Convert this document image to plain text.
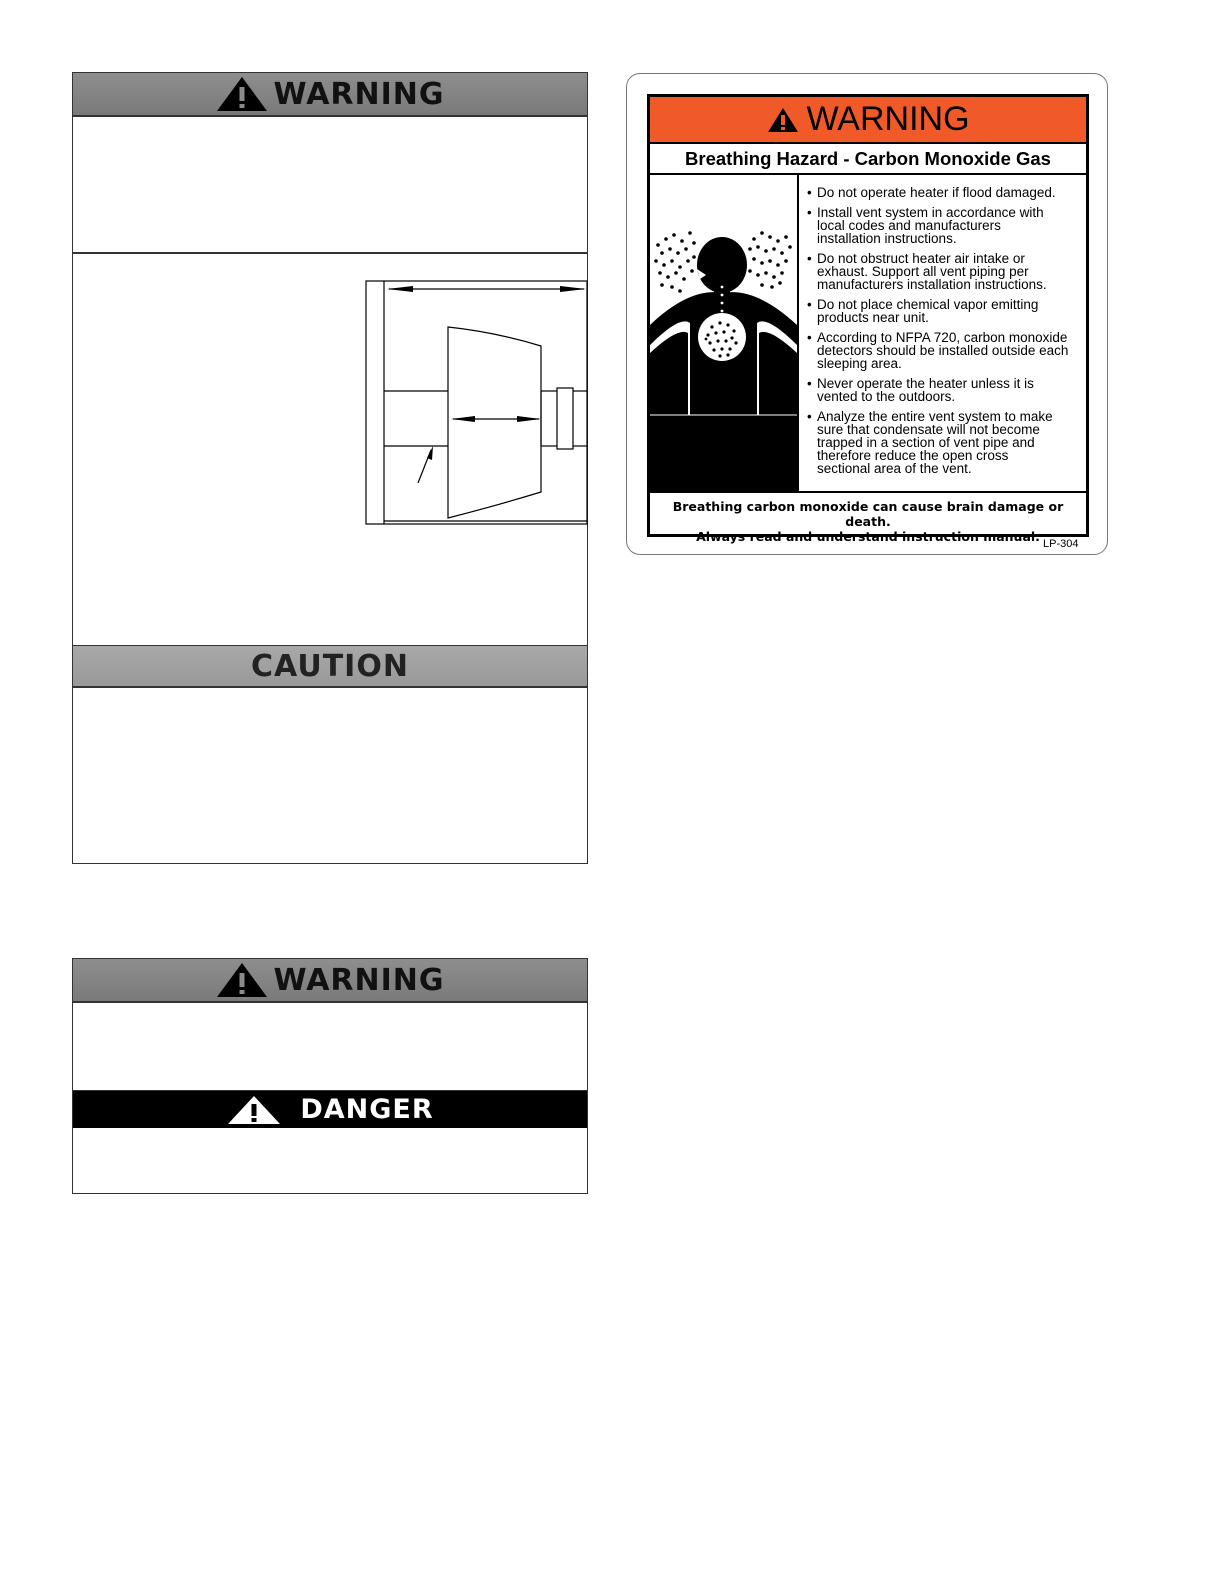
WARNING
CAUTION
WARNING
DANGER
WARNING
Breathing Hazard - Carbon Monoxide Gas
• Do not operate heater if flood damaged.
• Install vent system in accordance with
local codes and manufacturers
installation instructions.
• Do not obstruct heater air intake or
exhaust. Support all vent piping per
manufacturers installation instructions.
• Do not place chemical vapor emitting
products near unit.
• According to NFPA 720, carbon monoxide
detectors should be installed outside each
sleeping area.
• Never operate the heater unless it is
vented to the outdoors.
• Analyze the entire vent system to make
sure that condensate will not become
trapped in a section of vent pipe and
therefore reduce the open cross
sectional area of the vent.
Breathing carbon monoxide can cause brain damage or death.
Always read and understand instruction manual. LP-304
